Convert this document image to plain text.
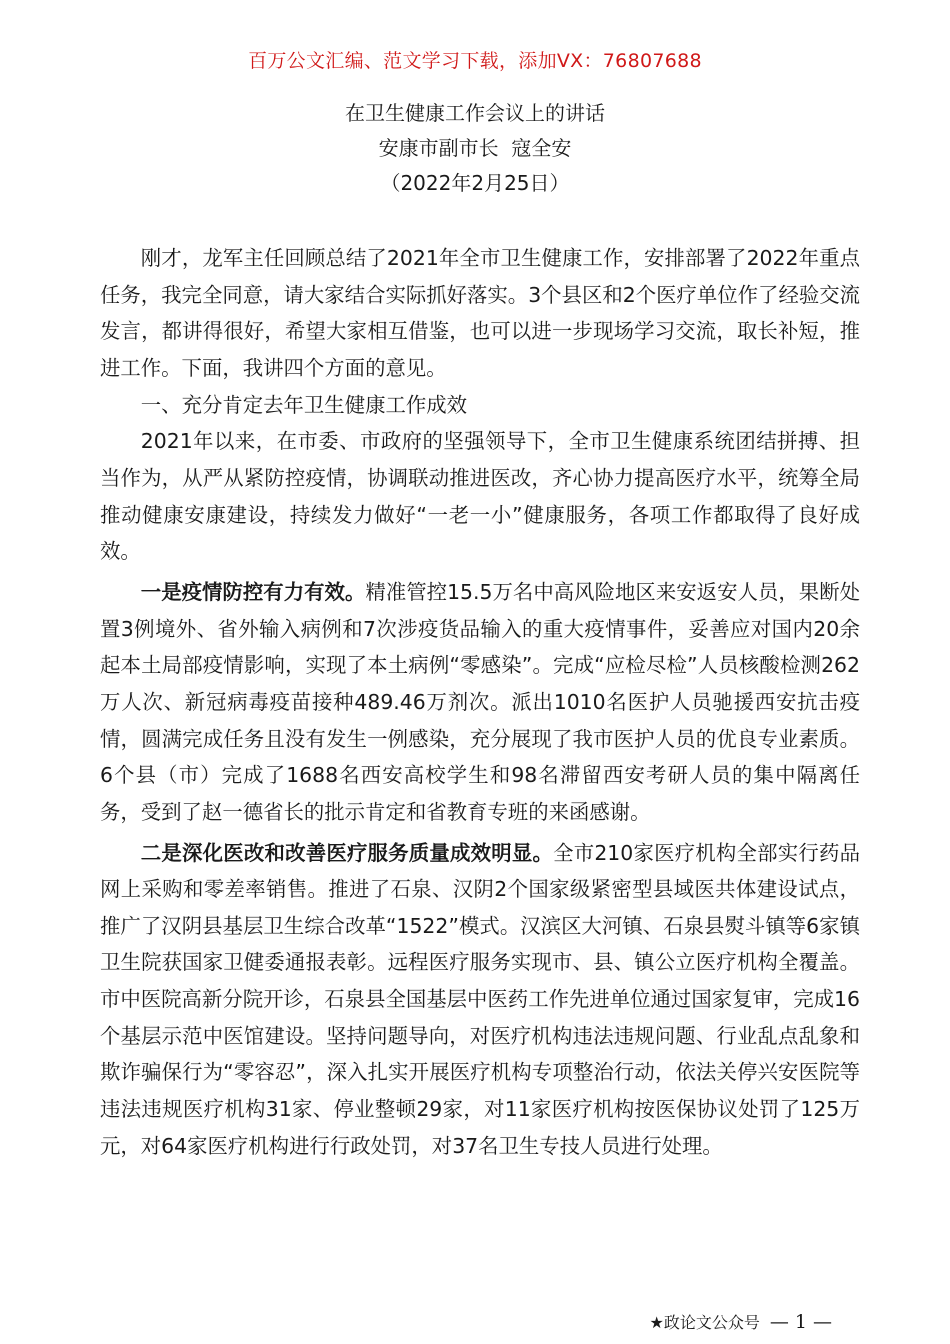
百万公文汇编、范文学习下载，添加VX：76807688
在卫生健康工作会议上的讲话
安康市副市长  寇全安
（2022年2月25日）

刚才，龙军主任回顾总结了2021年全市卫生健康工作，安排部署了2022年重点任务，我完全同意，请大家结合实际抓好落实。3个县区和2个医疗单位作了经验交流发言，都讲得很好，希望大家相互借鉴，也可以进一步现场学习交流，取长补短，推进工作。下面，我讲四个方面的意见。

一、充分肯定去年卫生健康工作成效

2021年以来，在市委、市政府的坚强领导下，全市卫生健康系统团结拼搏、担当作为，从严从紧防控疫情，协调联动推进医改，齐心协力提高医疗水平，统筹全局推动健康安康建设，持续发力做好“一老一小”健康服务，各项工作都取得了良好成效。

一是疫情防控有力有效。精准管控15.5万名中高风险地区来安返安人员，果断处置3例境外、省外输入病例和7次涉疫货品输入的重大疫情事件，妥善应对国内20余起本土局部疫情影响，实现了本土病例“零感染”。完成“应检尽检”人员核酸检测262万人次、新冠病毒疫苗接种489.46万剂次。派出1010名医护人员驰援西安抗击疫情，圆满完成任务且没有发生一例感染，充分展现了我市医护人员的优良专业素质。6个县（市）完成了1688名西安高校学生和98名滞留西安考研人员的集中隔离任务，受到了赵一德省长的批示肯定和省教育专班的来函感谢。

二是深化医改和改善医疗服务质量成效明显。全市210家医疗机构全部实行药品网上采购和零差率销售。推进了石泉、汉阴2个国家级紧密型县域医共体建设试点，推广了汉阴县基层卫生综合改革“1522”模式。汉滨区大河镇、石泉县熨斗镇等6家镇卫生院获国家卫健委通报表彰。远程医疗服务实现市、县、镇公立医疗机构全覆盖。市中医院高新分院开诊，石泉县全国基层中医药工作先进单位通过国家复审，完成16个基层示范中医馆建设。坚持问题导向，对医疗机构违法违规问题、行业乱点乱象和欺诈骗保行为“零容忍”，深入扎实开展医疗机构专项整治行动，依法关停兴安医院等违法违规医疗机构31家、停业整顿29家，对11家医疗机构按医保协议处罚了125万元，对64家医疗机构进行行政处罚，对37名卫生专技人员进行处理。

★政论文公众号 — 1 —
